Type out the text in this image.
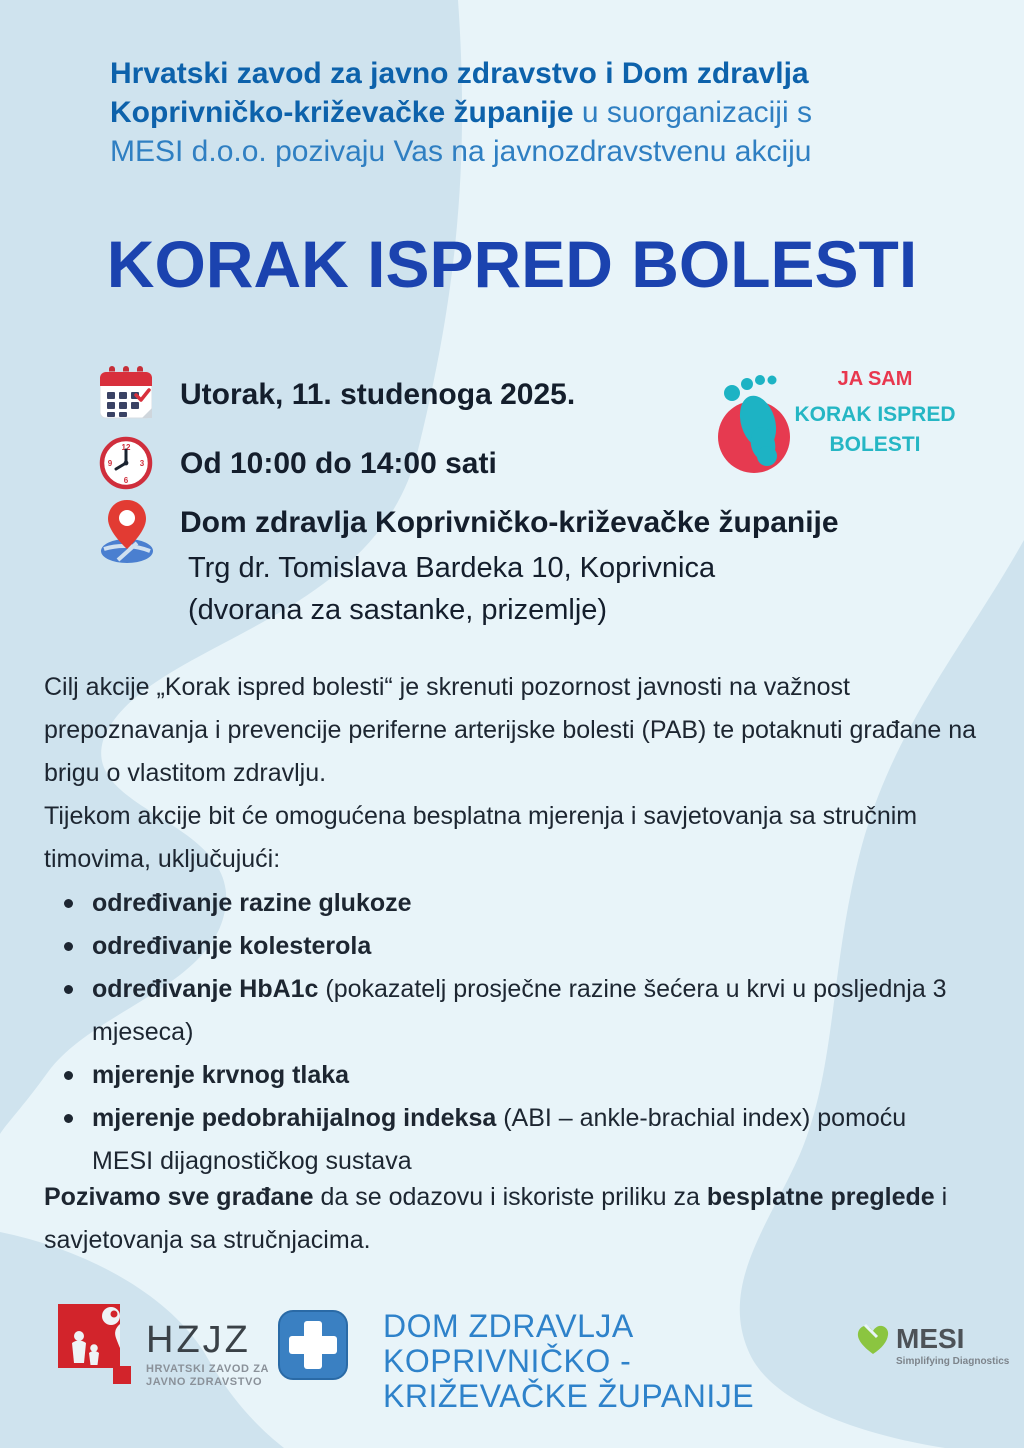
Hrvatski zavod za javno zdravstvo i Dom zdravlja
Koprivničko-križevačke županije u suorganizaciji s
MESI d.o.o. pozivaju Vas na javnozdravstvenu akciju
KORAK ISPRED BOLESTI
Utorak, 11. studenoga 2025.
12
3
6
9 Od 10:00 do 14:00 sati
Dom zdravlja Koprivničko-križevačke županije
Trg dr. Tomislava Bardeka 10, Koprivnica
(dvorana za sastanke, prizemlje)
JA SAM
KORAK ISPRED
BOLESTI
Cilj akcije „Korak ispred bolesti“ je skrenuti pozornost javnosti na važnost prepoznavanja i prevencije periferne arterijske bolesti (PAB) te potaknuti građane na brigu o vlastitom zdravlju.
Tijekom akcije bit će omogućena besplatna mjerenja i savjetovanja sa stručnim timovima, uključujući:
određivanje razine glukoze
određivanje kolesterola
određivanje HbA1c (pokazatelj prosječne razine šećera u krvi u posljednja 3 mjeseca)
mjerenje krvnog tlaka
mjerenje pedobrahijalnog indeksa (ABI – ankle-brachial index) pomoću MESI dijagnostičkog sustava
Pozivamo sve građane da se odazovu i iskoriste priliku za besplatne preglede i savjetovanja sa stručnjacima.
HZJZ
HRVATSKI ZAVOD ZA
JAVNO ZDRAVSTVO
DOM ZDRAVLJA KOPRIVNIČKO -
KRIŽEVAČKE ŽUPANIJE
MESI
Simplifying Diagnostics
